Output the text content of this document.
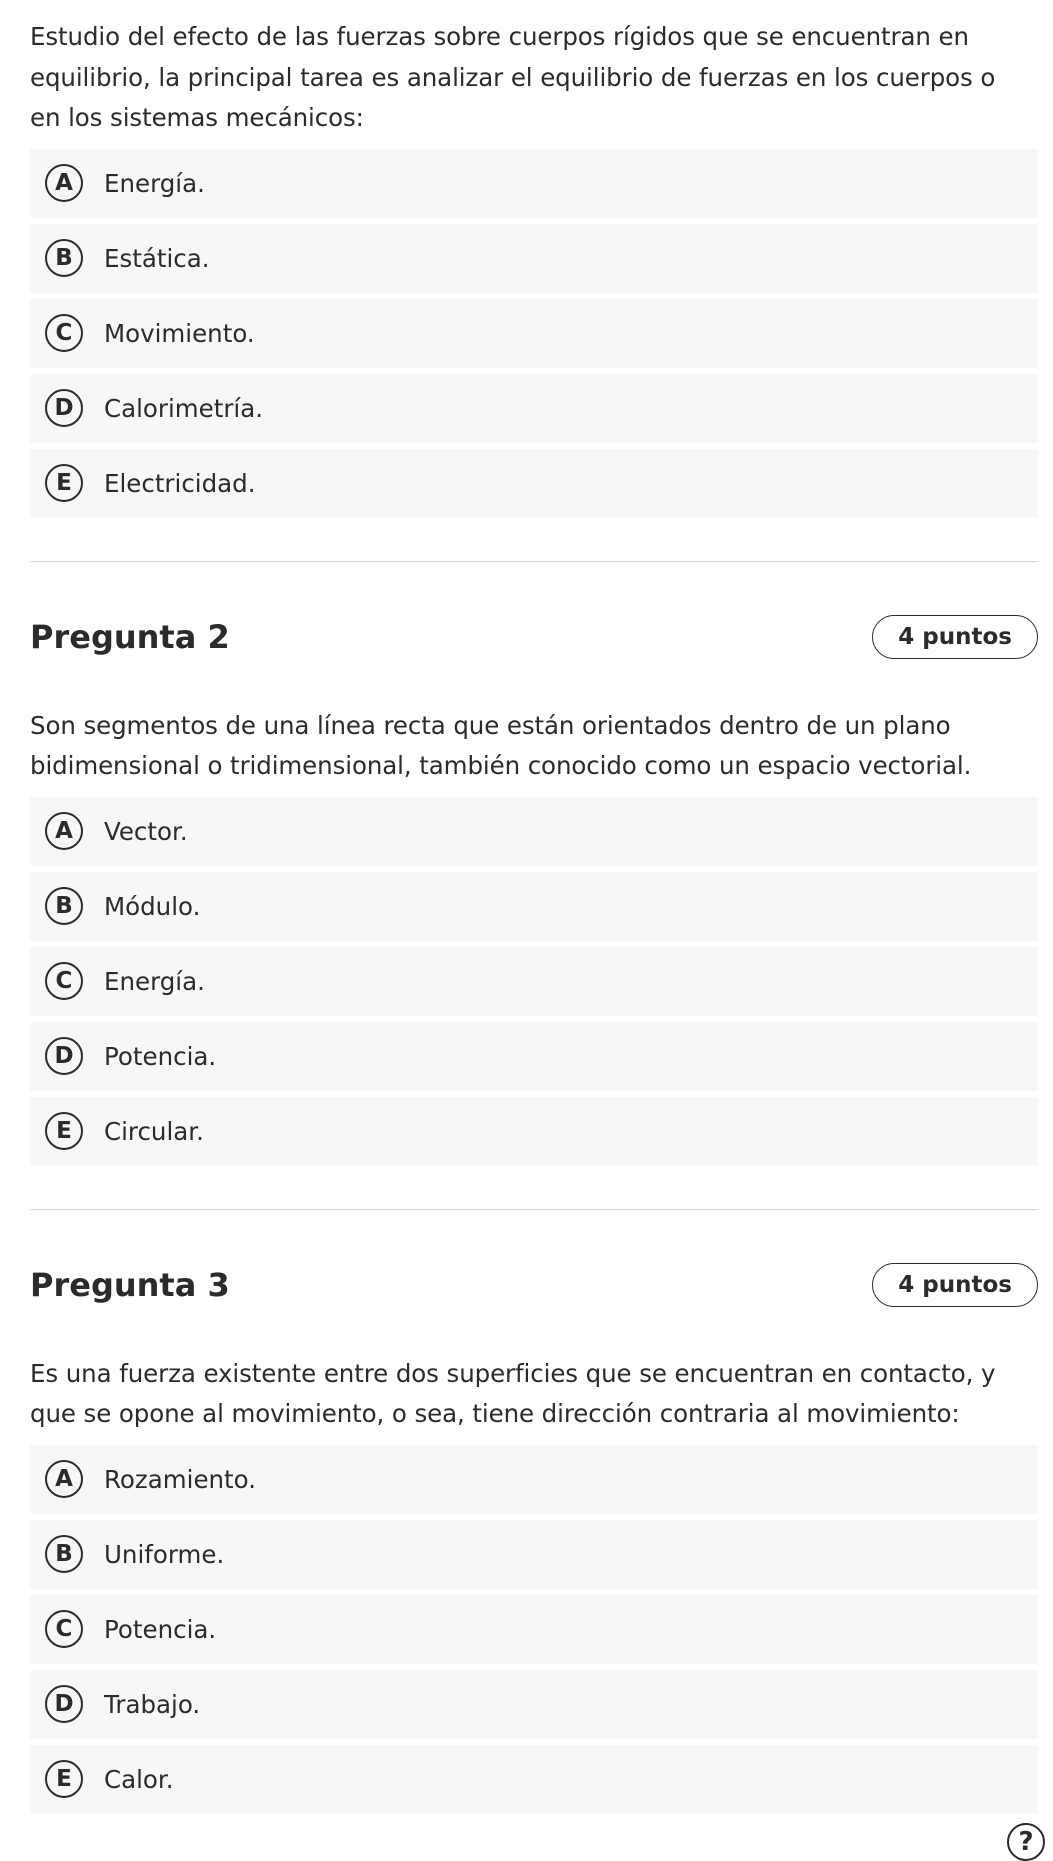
Estudio del efecto de las fuerzas sobre cuerpos rígidos que se encuentran en equilibrio, la principal tarea es analizar el equilibrio de fuerzas en los cuerpos o en los sistemas mecánicos:

A	Energía.
B	Estática.
C	Movimiento.
D	Calorimetría.
E	Electricidad.
Pregunta 2	4 puntos

Son segmentos de una línea recta que están orientados dentro de un plano bidimensional o tridimensional, también conocido como un espacio vectorial.

A	Vector.
B	Módulo.
C	Energía.
D	Potencia.
E	Circular.
Pregunta 3	4 puntos

Es una fuerza existente entre dos superficies que se encuentran en contacto, y que se opone al movimiento, o sea, tiene dirección contraria al movimiento:

A	Rozamiento.
B	Uniforme.
C	Potencia.
D	Trabajo.
E	Calor.
?
